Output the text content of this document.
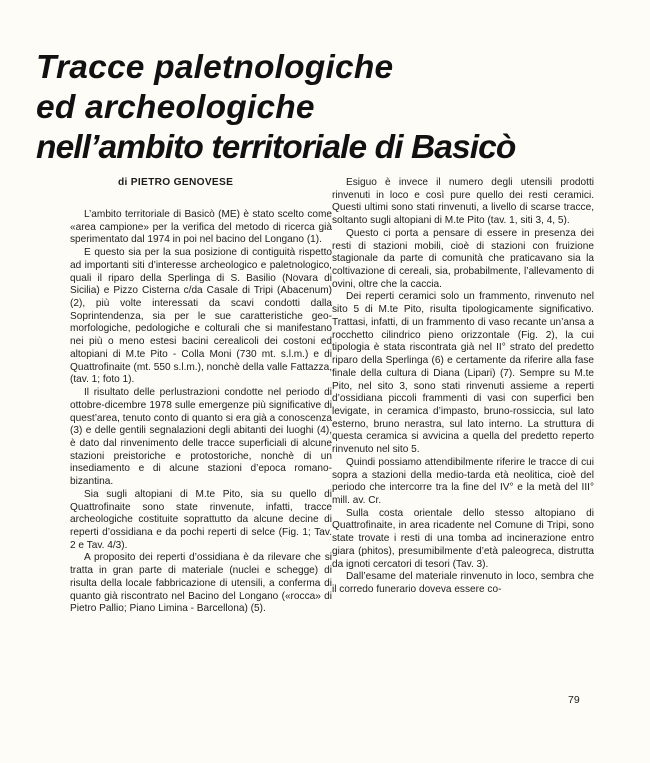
Tracce paletnologiche
ed archeologiche
nell’ambito territoriale di Basicò
di PIETRO GENOVESE

L’ambito territoriale di Basicò (ME) è stato scelto come «area campione» per la verifica del metodo di ricerca già sperimentato dal 1974 in poi nel bacino del Longano (1).

E questo sia per la sua posizione di contiguità rispetto ad importanti siti d’interesse archeologico e paletnologico, quali il riparo della Sperlinga di S. Basilio (Novara di Sicilia) e Pizzo Cisterna c/da Casale di Tripi (Abacenum) (2), più volte interessati da scavi condotti dalla Soprintendenza, sia per le sue caratteristiche geo-morfologiche, pedologiche e colturali che si manifestano nei più o meno estesi bacini cerealicoli dei costoni ed altopiani di M.te Pito - Colla Moni (730 mt. s.l.m.) e di Quattrofinaite (mt. 550 s.l.m.), nonchè della valle Fattazza, (tav. 1; foto 1).

Il risultato delle perlustrazioni condotte nel periodo di ottobre-dicembre 1978 sulle emergenze più significative di quest’area, tenuto conto di quanto si era già a conoscenza (3) e delle gentili segnalazioni degli abitanti dei luoghi (4), è dato dal rinvenimento delle tracce superficiali di alcune stazioni preistoriche e protostoriche, nonchè di un insediamento e di alcune stazioni d’epoca romano-bizantina.

Sia sugli altopiani di M.te Pito, sia su quello di Quattrofinaite sono state rinvenute, infatti, tracce archeologiche costituite soprattutto da alcune decine di reperti d’ossidiana e da pochi reperti di selce (Fig. 1; Tav. 2 e Tav. 4/3).

A proposito dei reperti d’ossidiana è da rilevare che si tratta in gran parte di materiale (nuclei e schegge) di risulta della locale fabbricazione di utensili, a conferma di quanto già riscontrato nel Bacino del Longano («rocca» di Pietro Pallio; Piano Limina - Barcellona) (5).

Esiguo è invece il numero degli utensili prodotti rinvenuti in loco e così pure quello dei resti ceramici. Questi ultimi sono stati rinvenuti, a livello di scarse tracce, soltanto sugli altopiani di M.te Pito (tav. 1, siti 3, 4, 5).

Questo ci porta a pensare di essere in presenza dei resti di stazioni mobili, cioè di stazioni con fruizione stagionale da parte di comunità che praticavano sia la coltivazione di cereali, sia, probabilmente, l’allevamento di ovini, oltre che la caccia.

Dei reperti ceramici solo un frammento, rinvenuto nel sito 5 di M.te Pito, risulta tipologicamente significativo. Trattasi, infatti, di un frammento di vaso recante un’ansa a rocchetto cilindrico pieno orizzontale (Fig. 2), la cui tipologia è stata riscontrata già nel II° strato del predetto riparo della Sperlinga (6) e certamente da riferire alla fase finale della cultura di Diana (Lipari) (7). Sempre su M.te Pito, nel sito 3, sono stati rinvenuti assieme a reperti d’ossidiana piccoli frammenti di vasi con superfici ben levigate, in ceramica d’impasto, bruno-rossiccia, sul lato esterno, bruno nerastra, sul lato interno. La struttura di questa ceramica si avvicina a quella del predetto reperto rinvenuto nel sito 5.

Quindi possiamo attendibilmente riferire le tracce di cui sopra a stazioni della medio-tarda età neolitica, cioè del periodo che intercorre tra la fine del IV° e la metà del III° mill. av. Cr.

Sulla costa orientale dello stesso altopiano di Quattrofinaite, in area ricadente nel Comune di Tripi, sono state trovate i resti di una tomba ad incinerazione entro giara (phitos), presumibilmente d’età paleogreca, distrutta da ignoti cercatori di tesori (Tav. 3).

Dall’esame del materiale rinvenuto in loco, sembra che il corredo funerario doveva essere co-

79
